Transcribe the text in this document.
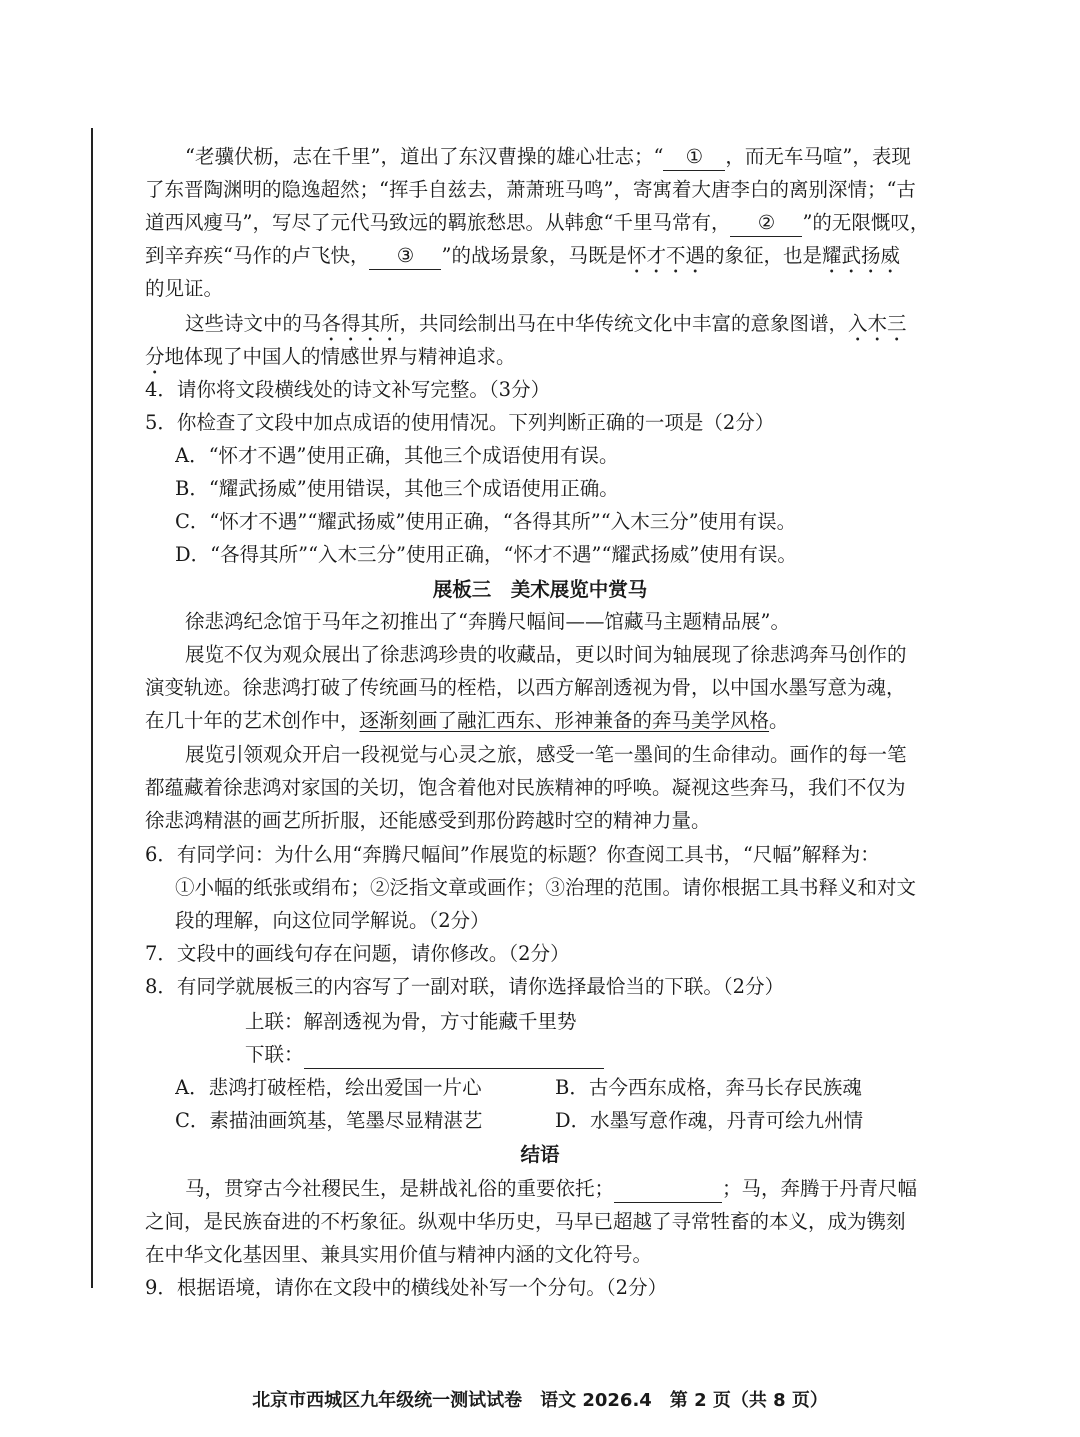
“老骥伏枥，志在千里”，道出了东汉曹操的雄心壮志；“ ① ，而无车马喧”，表现
了东晋陶渊明的隐逸超然；“挥手自兹去，萧萧班马鸣”，寄寓着大唐李白的离别深情；“古
道西风瘦马”，写尽了元代马致远的羁旅愁思。从韩愈“千里马常有， ② ”的无限慨叹，
到辛弃疾“马作的卢飞快， ③ ”的战场景象，马既是怀才不遇的象征，也是耀武扬威
的见证。
这些诗文中的马各得其所，共同绘制出马在中华传统文化中丰富的意象图谱，入木三
分地体现了中国人的情感世界与精神追求。
4．请你将文段横线处的诗文补写完整。（3分）
5．你检查了文段中加点成语的使用情况。下列判断正确的一项是（2分）
A．“怀才不遇”使用正确，其他三个成语使用有误。
B．“耀武扬威”使用错误，其他三个成语使用正确。
C．“怀才不遇”“耀武扬威”使用正确，“各得其所”“入木三分”使用有误。
D．“各得其所”“入木三分”使用正确，“怀才不遇”“耀武扬威”使用有误。
展板三　美术展览中赏马
徐悲鸿纪念馆于马年之初推出了“奔腾尺幅间——馆藏马主题精品展”。
展览不仅为观众展出了徐悲鸿珍贵的收藏品，更以时间为轴展现了徐悲鸿奔马创作的
演变轨迹。徐悲鸿打破了传统画马的桎梏，以西方解剖透视为骨，以中国水墨写意为魂，
在几十年的艺术创作中，逐渐刻画了融汇西东、形神兼备的奔马美学风格。
展览引领观众开启一段视觉与心灵之旅，感受一笔一墨间的生命律动。画作的每一笔
都蕴藏着徐悲鸿对家国的关切，饱含着他对民族精神的呼唤。凝视这些奔马，我们不仅为
徐悲鸿精湛的画艺所折服，还能感受到那份跨越时空的精神力量。
6．有同学问：为什么用“奔腾尺幅间”作展览的标题？你查阅工具书，“尺幅”解释为：
①小幅的纸张或绢布；②泛指文章或画作；③治理的范围。请你根据工具书释义和对文
段的理解，向这位同学解说。（2分）
7．文段中的画线句存在问题，请你修改。（2分）
8．有同学就展板三的内容写了一副对联，请你选择最恰当的下联。（2分）
上联：解剖透视为骨，方寸能藏千里势
下联：
A．悲鸿打破桎梏，绘出爱国一片心	B．古今西东成格，奔马长存民族魂
C．素描油画筑基，笔墨尽显精湛艺	D．水墨写意作魂，丹青可绘九州情
结语
马，贯穿古今社稷民生，是耕战礼俗的重要依托；	；马，奔腾于丹青尺幅
之间，是民族奋进的不朽象征。纵观中华历史，马早已超越了寻常牲畜的本义，成为镌刻
在中华文化基因里、兼具实用价值与精神内涵的文化符号。
9．根据语境，请你在文段中的横线处补写一个分句。（2分）
北京市西城区九年级统一测试试卷　语文 2026.4　第 2 页（共 8 页）
